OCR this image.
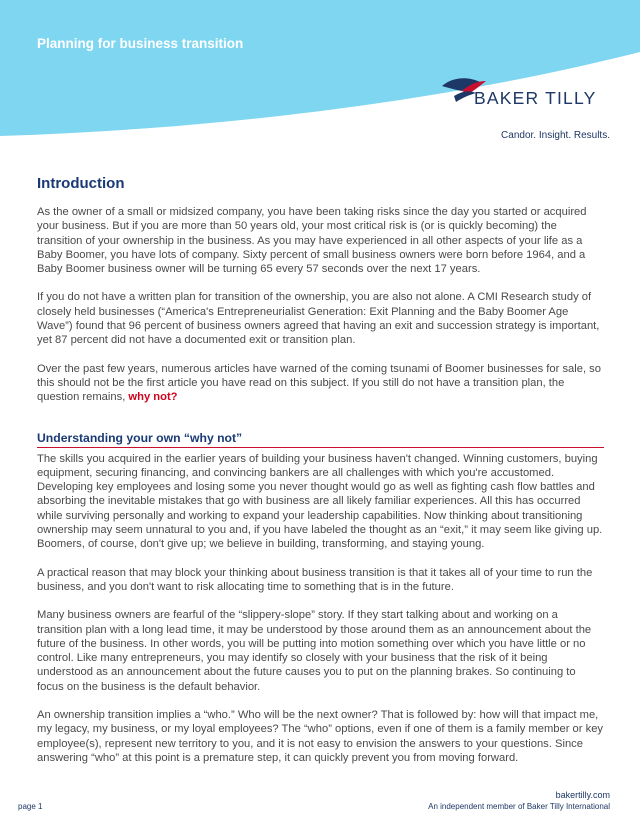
Planning for business transition
BAKER TILLY
Candor. Insight. Results.
Introduction

As the owner of a small or midsized company, you have been taking risks since the day you started or acquired your business. But if you are more than 50 years old, your most critical risk is (or is quickly becoming) the transition of your ownership in the business. As you may have experienced in all other aspects of your life as a Baby Boomer, you have lots of company. Sixty percent of small business owners were born before 1964, and a Baby Boomer business owner will be turning 65 every 57 seconds over the next 17 years.

If you do not have a written plan for transition of the ownership, you are also not alone. A CMI Research study of closely held businesses (“America's Entrepreneurialist Generation: Exit Planning and the Baby Boomer Age Wave”) found that 96 percent of business owners agreed that having an exit and succession strategy is important, yet 87 percent did not have a documented exit or transition plan.

Over the past few years, numerous articles have warned of the coming tsunami of Boomer businesses for sale, so this should not be the first article you have read on this subject. If you still do not have a transition plan, the question remains, why not?

Understanding your own “why not”

The skills you acquired in the earlier years of building your business haven't changed. Winning customers, buying equipment, securing financing, and convincing bankers are all challenges with which you're accustomed. Developing key employees and losing some you never thought would go as well as fighting cash flow battles and absorbing the inevitable mistakes that go with business are all likely familiar experiences. All this has occurred while surviving personally and working to expand your leadership capabilities. Now thinking about transitioning ownership may seem unnatural to you and, if you have labeled the thought as an “exit,” it may seem like giving up. Boomers, of course, don't give up; we believe in building, transforming, and staying young.

A practical reason that may block your thinking about business transition is that it takes all of your time to run the business, and you don't want to risk allocating time to something that is in the future.

Many business owners are fearful of the “slippery-slope” story. If they start talking about and working on a transition plan with a long lead time, it may be understood by those around them as an announcement about the future of the business. In other words, you will be putting into motion something over which you have little or no control. Like many entrepreneurs, you may identify so closely with your business that the risk of it being understood as an announcement about the future causes you to put on the planning brakes. So continuing to focus on the business is the default behavior.

An ownership transition implies a “who.” Who will be the next owner? That is followed by: how will that impact me, my legacy, my business, or my loyal employees? The “who” options, even if one of them is a family member or key employee(s), represent new territory to you, and it is not easy to envision the answers to your questions. Since answering “who” at this point is a premature step, it can quickly prevent you from moving forward.

bakertilly.com
An independent member of Baker Tilly International
page 1
